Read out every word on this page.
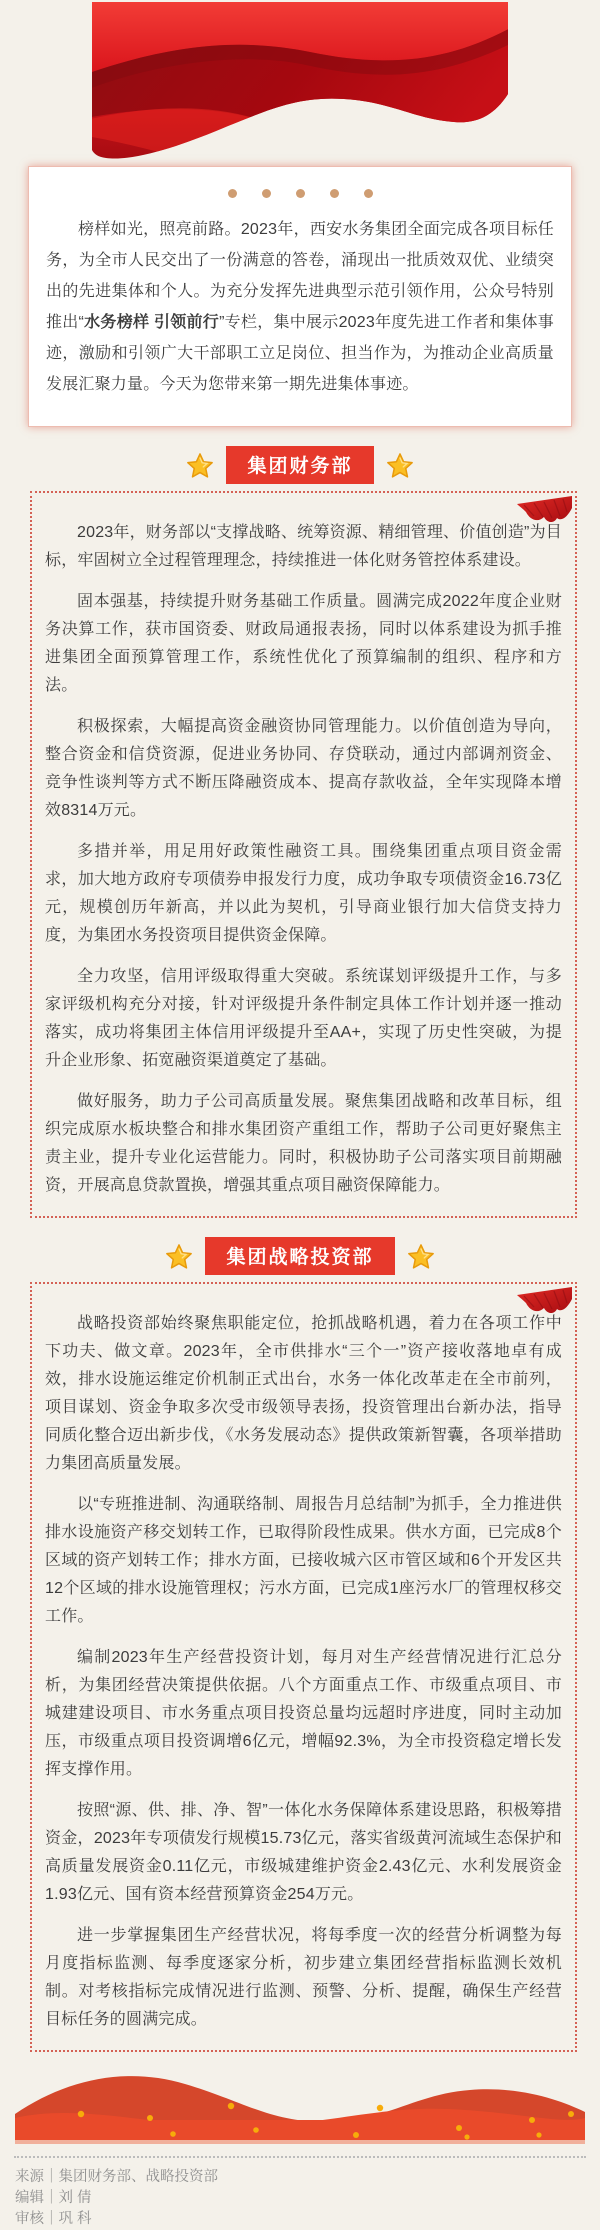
榜样如光，照亮前路。2023年，西安水务集团全面完成各项目标任务，为全市人民交出了一份满意的答卷，涌现出一批质效双优、业绩突出的先进集体和个人。为充分发挥先进典型示范引领作用，公众号特别推出“水务榜样 引领前行”专栏，集中展示2023年度先进工作者和集体事迹，激励和引领广大干部职工立足岗位、担当作为，为推动企业高质量发展汇聚力量。今天为您带来第一期先进集体事迹。

集团财务部

2023年，财务部以“支撑战略、统筹资源、精细管理、价值创造”为目标，牢固树立全过程管理理念，持续推进一体化财务管控体系建设。

固本强基，持续提升财务基础工作质量。圆满完成2022年度企业财务决算工作，获市国资委、财政局通报表扬，同时以体系建设为抓手推进集团全面预算管理工作，系统性优化了预算编制的组织、程序和方法。

积极探索，大幅提高资金融资协同管理能力。以价值创造为导向，整合资金和信贷资源，促进业务协同、存贷联动，通过内部调剂资金、竞争性谈判等方式不断压降融资成本、提高存款收益，全年实现降本增效8314万元。

多措并举，用足用好政策性融资工具。围绕集团重点项目资金需求，加大地方政府专项债券申报发行力度，成功争取专项债资金16.73亿元，规模创历年新高，并以此为契机，引导商业银行加大信贷支持力度，为集团水务投资项目提供资金保障。

全力攻坚，信用评级取得重大突破。系统谋划评级提升工作，与多家评级机构充分对接，针对评级提升条件制定具体工作计划并逐一推动落实，成功将集团主体信用评级提升至AA+，实现了历史性突破，为提升企业形象、拓宽融资渠道奠定了基础。

做好服务，助力子公司高质量发展。聚焦集团战略和改革目标，组织完成原水板块整合和排水集团资产重组工作，帮助子公司更好聚焦主责主业，提升专业化运营能力。同时，积极协助子公司落实项目前期融资，开展高息贷款置换，增强其重点项目融资保障能力。

集团战略投资部

战略投资部始终聚焦职能定位，抢抓战略机遇，着力在各项工作中下功夫、做文章。2023年，全市供排水“三个一”资产接收落地卓有成效，排水设施运维定价机制正式出台，水务一体化改革走在全市前列，项目谋划、资金争取多次受市级领导表扬，投资管理出台新办法，指导同质化整合迈出新步伐，《水务发展动态》提供政策新智囊，各项举措助力集团高质量发展。

以“专班推进制、沟通联络制、周报告月总结制”为抓手，全力推进供排水设施资产移交划转工作，已取得阶段性成果。供水方面，已完成8个区域的资产划转工作；排水方面，已接收城六区市管区域和6个开发区共12个区域的排水设施管理权；污水方面，已完成1座污水厂的管理权移交工作。

编制2023年生产经营投资计划，每月对生产经营情况进行汇总分析，为集团经营决策提供依据。八个方面重点工作、市级重点项目、市城建建设项目、市水务重点项目投资总量均远超时序进度，同时主动加压，市级重点项目投资调增6亿元，增幅92.3%，为全市投资稳定增长发挥支撑作用。

按照“源、供、排、净、智”一体化水务保障体系建设思路，积极筹措资金，2023年专项债发行规模15.73亿元，落实省级黄河流域生态保护和高质量发展资金0.11亿元，市级城建维护资金2.43亿元、水利发展资金1.93亿元、国有资本经营预算资金254万元。

进一步掌握集团生产经营状况，将每季度一次的经营分析调整为每月度指标监测、每季度逐家分析，初步建立集团经营指标监测长效机制。对考核指标完成情况进行监测、预警、分析、提醒，确保生产经营目标任务的圆满完成。

来源｜集团财务部、战略投资部
编辑｜刘 倩
审核｜巩 科
